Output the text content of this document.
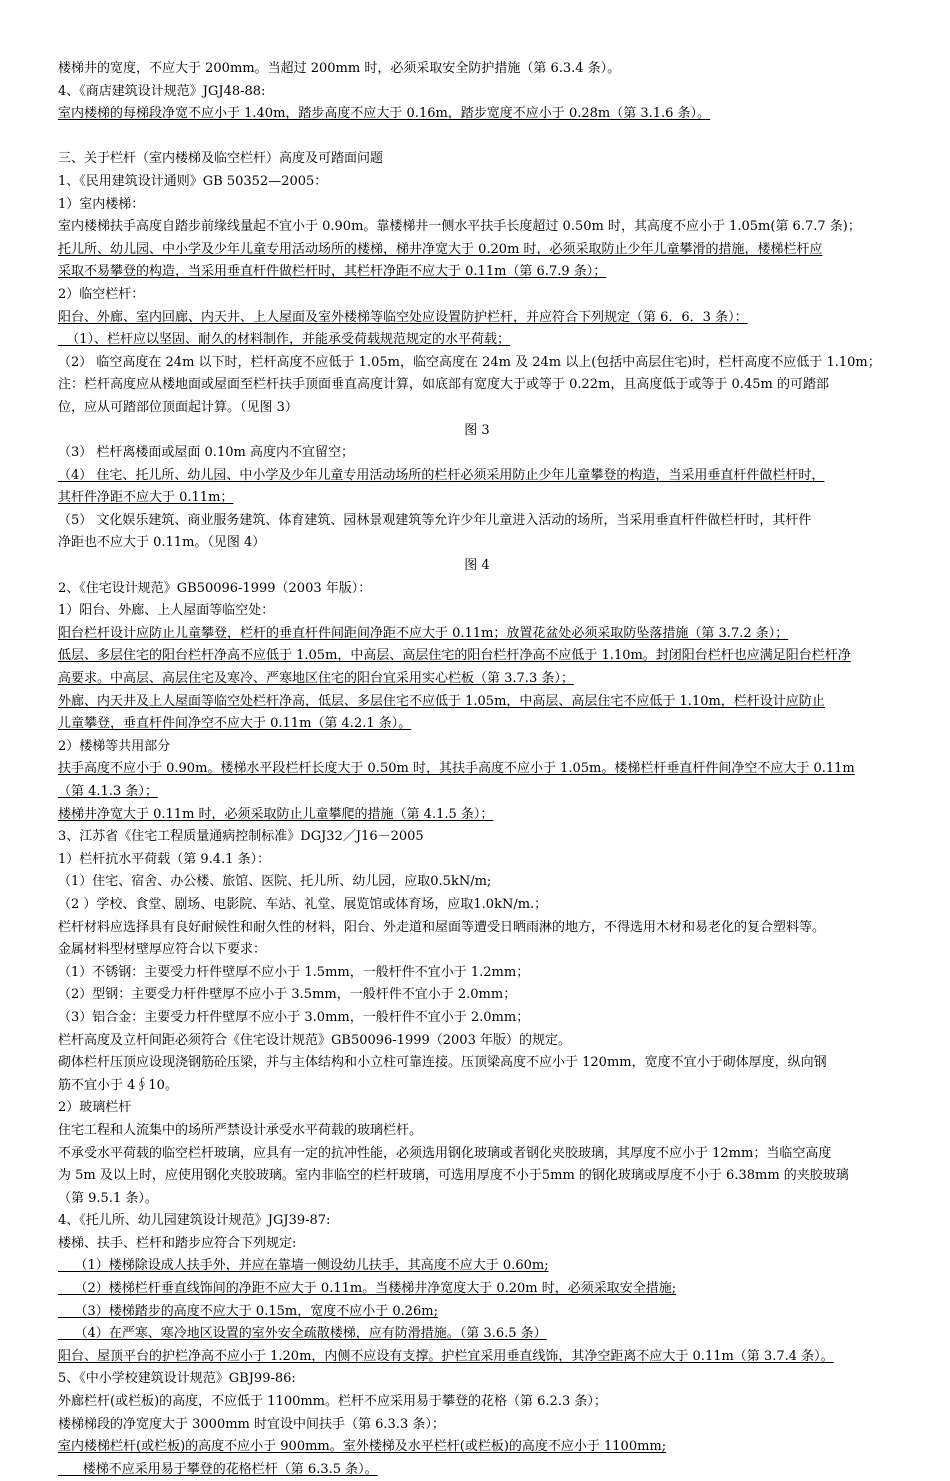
楼梯井的宽度，不应大于 200mm。当超过 200mm 时，必须采取安全防护措施（第 6.3.4 条）。
4、《商店建筑设计规范》JGJ48-88:
室内楼梯的每梯段净宽不应小于 1.40m，踏步高度不应大于 0.16m，踏步宽度不应小于 0.28m（第 3.1.6 条）。
三、关于栏杆（室内楼梯及临空栏杆）高度及可踏面问题
1、《民用建筑设计通则》GB 50352—2005：
1）室内楼梯：
室内楼梯扶手高度自踏步前缘线量起不宜小于 0.90m。靠楼梯井一侧水平扶手长度超过 0.50m 时，其高度不应小于 1.05m(第 6.7.7 条)；
托儿所、幼儿园、中小学及少年儿童专用活动场所的楼梯，梯井净宽大于 0.20m 时，必须采取防止少年儿童攀滑的措施，楼梯栏杆应
采取不易攀登的构造，当采用垂直杆件做栏杆时，其栏杆净距不应大于 0.11m（第 6.7.9 条）；
2）临空栏杆：
阳台、外廊、室内回廊、内天井、上人屋面及室外楼梯等临空处应设置防护栏杆，并应符合下列规定（第 6．6．3 条）：
（1）、栏杆应以坚固、耐久的材料制作，并能承受荷载规范规定的水平荷载；
（2） 临空高度在 24m 以下时，栏杆高度不应低于 1.05m，临空高度在 24m 及 24m 以上(包括中高层住宅)时，栏杆高度不应低于 1.10m；
注：栏杆高度应从楼地面或屋面至栏杆扶手顶面垂直高度计算，如底部有宽度大于或等于 0.22m，且高度低于或等于 0.45m 的可踏部
位，应从可踏部位顶面起计算。（见图 3）
图 3
（3） 栏杆离楼面或屋面 0.10m 高度内不宜留空；
（4） 住宅、托儿所、幼儿园、中小学及少年儿童专用活动场所的栏杆必须采用防止少年儿童攀登的构造，当采用垂直杆件做栏杆时，
其杆件净距不应大于 0.11m；
（5） 文化娱乐建筑、商业服务建筑、体育建筑、园林景观建筑等允许少年儿童进入活动的场所，当采用垂直杆件做栏杆时，其杆件
净距也不应大于 0.11m。（见图 4）
图 4
2、《住宅设计规范》GB50096-1999（2003 年版）：
1）阳台、外廊、上人屋面等临空处：
阳台栏杆设计应防止儿童攀登，栏杆的垂直杆件间距间净距不应大于 0.11m；放置花盆处必须采取防坠落措施（第 3.7.2 条）；
低层、多层住宅的阳台栏杆净高不应低于 1.05m，中高层、高层住宅的阳台栏杆净高不应低于 1.10m。封闭阳台栏杆也应满足阳台栏杆净
高要求。中高层、高层住宅及寒冷、严寒地区住宅的阳台宜采用实心栏板（第 3.7.3 条）；
外廊、内天井及上人屋面等临空处栏杆净高，低层、多层住宅不应低于 1.05m，中高层、高层住宅不应低于 1.10m，栏杆设计应防止
儿童攀登，垂直杆件间净空不应大于 0.11m（第 4.2.1 条）。
2）楼梯等共用部分
扶手高度不应小于 0.90m。楼梯水平段栏杆长度大于 0.50m 时，其扶手高度不应小于 1.05m。楼梯栏杆垂直杆件间净空不应大于 0.11m
（第 4.1.3 条）；
楼梯井净宽大于 0.11m 时，必须采取防止儿童攀爬的措施（第 4.1.5 条）；
3、江苏省《住宅工程质量通病控制标准》DGJ32／J16－2005
1）栏杆抗水平荷载（第 9.4.1 条）：
（1）住宅、宿舍、办公楼、旅馆、医院、托儿所、幼儿园，应取0.5kN/m;
（2 ）学校、食堂、剧场、电影院、车站、礼堂、展览馆或体育场，应取1.0kN/m.；
栏杆材料应选择具有良好耐候性和耐久性的材料，阳台、外走道和屋面等遭受日晒雨淋的地方，不得选用木材和易老化的复合塑料等。
金属材料型材壁厚应符合以下要求：
（1）不锈钢：主要受力杆件壁厚不应小于 1.5mm，一般杆件不宜小于 1.2mm；
（2）型钢：主要受力杆件壁厚不应小于 3.5mm，一般杆件不宜小于 2.0mm；
（3）铝合金：主要受力杆件壁厚不应小于 3.0mm，一般杆件不宜小于 2.0mm；
栏杆高度及立杆间距必须符合《住宅设计规范》GB50096-1999（2003 年版）的规定。
砌体栏杆压顶应设现浇钢筋砼压梁，并与主体结构和小立柱可靠连接。压顶梁高度不应小于 120mm，宽度不宜小于砌体厚度，纵向钢
筋不宜小于 4∮10。
2）玻璃栏杆
住宅工程和人流集中的场所严禁设计承受水平荷载的玻璃栏杆。
不承受水平荷载的临空栏杆玻璃，应具有一定的抗冲性能，必须选用钢化玻璃或者钢化夹胶玻璃，其厚度不应小于 12mm；当临空高度
为 5m 及以上时，应使用钢化夹胶玻璃。室内非临空的栏杆玻璃，可选用厚度不小于5mm 的钢化玻璃或厚度不小于 6.38mm 的夹胶玻璃
（第 9.5.1 条）。
4、《托儿所、幼儿园建筑设计规范》JGJ39-87:
楼梯、扶手、栏杆和踏步应符合下列规定:
（1）楼梯除设成人扶手外，并应在靠墙一侧设幼儿扶手，其高度不应大于 0.60m;
（2）楼梯栏杆垂直线饰间的净距不应大于 0.11m。当楼梯井净宽度大于 0.20m 时，必须采取安全措施;
（3）楼梯踏步的高度不应大于 0.15m，宽度不应小于 0.26m;
（4）在严寒、寒冷地区设置的室外安全疏散楼梯，应有防滑措施。（第 3.6.5 条）
阳台、屋顶平台的护栏净高不应小于 1.20m，内侧不应设有支撑。护栏宜采用垂直线饰，其净空距离不应大于 0.11m（第 3.7.4 条）。
5、《中小学校建筑设计规范》GBJ99-86:
外廊栏杆(或栏板)的高度，不应低于 1100mm。栏杆不应采用易于攀登的花格（第 6.2.3 条）；
楼梯梯段的净宽度大于 3000mm 时宜设中间扶手（第 6.3.3 条）；
室内楼梯栏杆(或栏板)的高度不应小于 900mm。室外楼梯及水平栏杆(或栏板)的高度不应小于 1100mm;
楼梯不应采用易于攀登的花格栏杆（第 6.3.5 条）。
